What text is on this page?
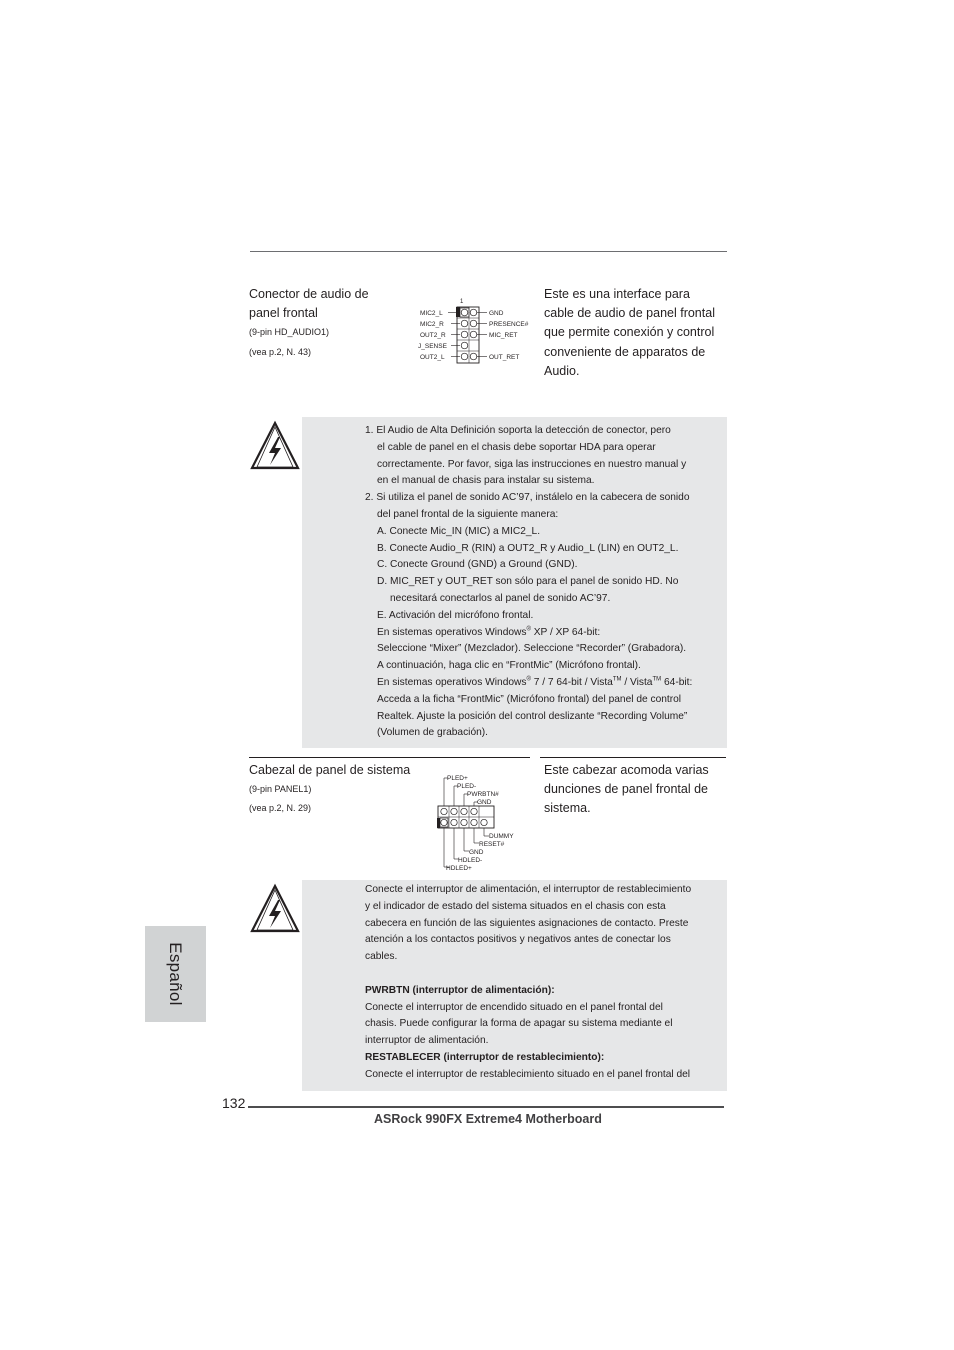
Conector de audio de
panel frontal
(9-pin HD_AUDIO1)
(vea p.2, N. 43)
1
MIC2_L
MIC2_R
OUT2_R
J_SENSE
OUT2_L
GND
PRESENCE#
MIC_RET
OUT_RET
Este es una interface para
cable de audio de panel frontal
que permite conexión y control
conveniente de apparatos de
Audio.

1. El Audio de Alta Definición soporta la detección de conector, pero

el cable de panel en el chasis debe soportar HDA para operar

correctamente. Por favor, siga las instrucciones en nuestro manual y

en el manual de chasis para instalar su sistema.

2. Si utiliza el panel de sonido AC’97, instálelo en la cabecera de sonido

del panel frontal de la siguiente manera:

A. Conecte Mic_IN (MIC) a MIC2_L.

B. Conecte Audio_R (RIN) a OUT2_R y Audio_L (LIN) en OUT2_L.

C. Conecte Ground (GND) a Ground (GND).

D. MIC_RET y OUT_RET son sólo para el panel de sonido HD. No

necesitará conectarlos al panel de sonido AC’97.

E. Activación del micrófono frontal.

En sistemas operativos Windows® XP / XP 64-bit:

Seleccione “Mixer” (Mezclador). Seleccione “Recorder” (Grabadora).

A continuación, haga clic en “FrontMic” (Micrófono frontal).

En sistemas operativos Windows® 7 / 7 64-bit / Vista™ / Vista™ 64-bit:

Acceda a la ficha “FrontMic” (Micrófono frontal) del panel de control

Realtek. Ajuste la posición del control deslizante “Recording Volume”

(Volumen de grabación).

Cabezal de panel de sistema
(9-pin PANEL1)
(vea p.2, N. 29)
PLED+
PLED-
PWRBTN#
GND
DUMMY
RESET#
GND
HDLED-
HDLED+
Este cabezar acomoda varias
dunciones de panel frontal de
sistema.

Conecte el interruptor de alimentación, el interruptor de restablecimiento

y el indicador de estado del sistema situados en el chasis con esta

cabecera en función de las siguientes asignaciones de contacto. Preste

atención a los contactos positivos y negativos antes de conectar los

cables.

PWRBTN (interruptor de alimentación):

Conecte el interruptor de encendido situado en el panel frontal del

chasis. Puede configurar la forma de apagar su sistema mediante el

interruptor de alimentación.

RESTABLECER (interruptor de restablecimiento):

Conecte el interruptor de restablecimiento situado en el panel frontal del

Español
132
ASRock 990FX Extreme4 Motherboard
